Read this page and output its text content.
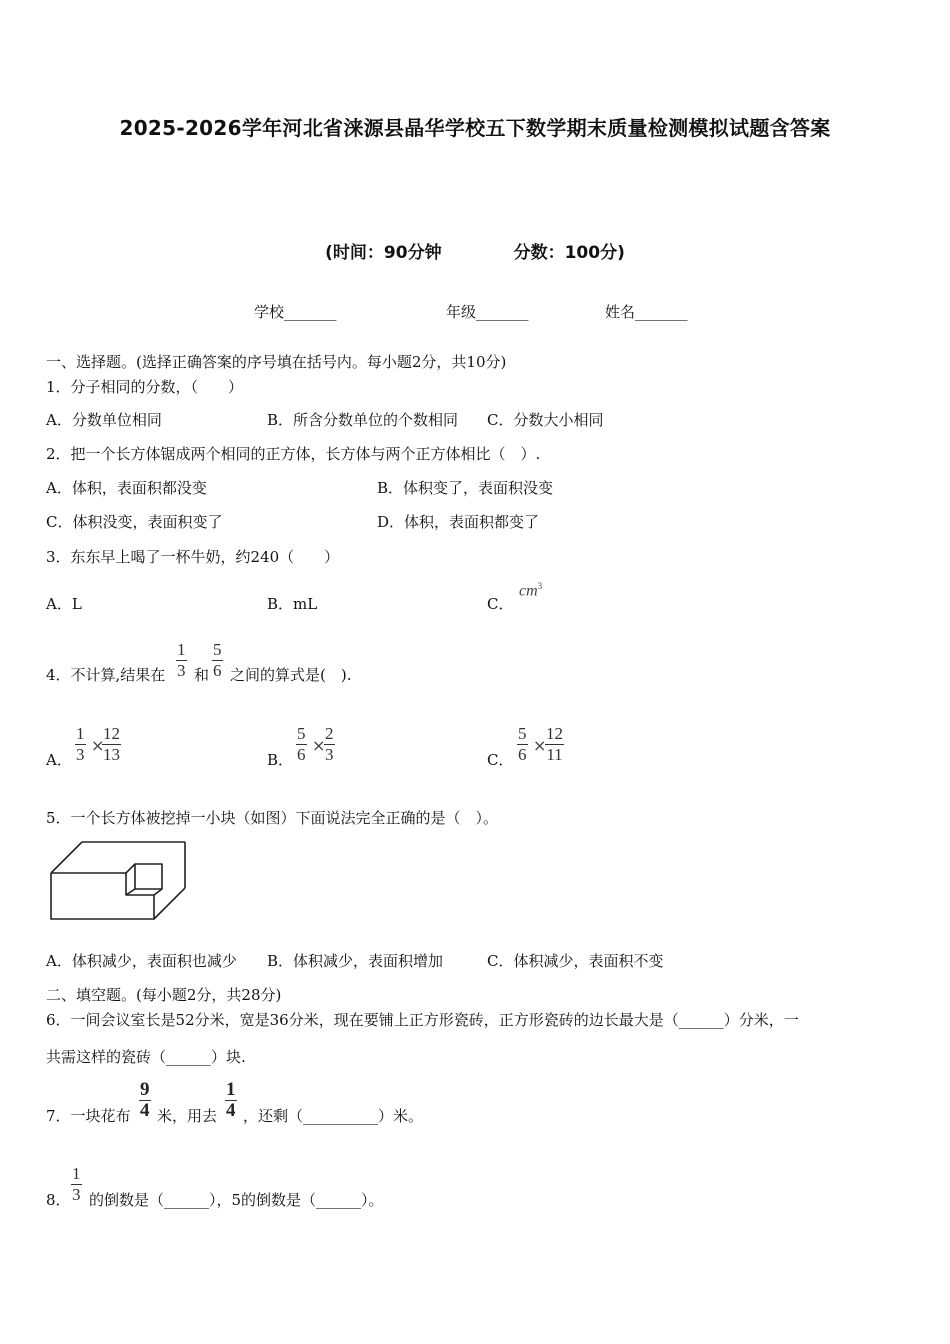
2025-2026学年河北省涞源县晶华学校五下数学期末质量检测模拟试题含答案
(时间：90分钟	分数：100分)
学校_______	年级_______	姓名_______
一、选择题。(选择正确答案的序号填在括号内。每小题2分，共10分)
1．分子相同的分数，（　　）
A．分数单位相同	B．所含分数单位的个数相同 C．分数大小相同
2．把一个长方体锯成两个相同的正方体，长方体与两个正方体相比（　）.
A．体积，表面积都没变	B．体积变了，表面积没变
C．体积没变，表面积变了	D．体积，表面积都变了
3．东东早上喝了一杯牛奶，约240（　　）
A．L	B．mL	C．
$cm^3$
4．不计算,结果在
1
3 和
5
6 之间的算式是(　).
A．
1
3 ×
12
13	B．
5
6 ×
2
3	C．
5
6 ×
12
11
5．一个长方体被挖掉一小块（如图）下面说法完全正确的是（　）。
A．体积减少，表面积也减少 B．体积减少，表面积增加	C．体积减少，表面积不变
二、填空题。(每小题2分，共28分)
6．一间会议室长是52分米，宽是36分米，现在要铺上正方形瓷砖，正方形瓷砖的边长最大是（______）分米，一
共需这样的瓷砖（______）块.
7．一块花布
9
4 米，用去
1
4 ，还剩（__________）米。
8．
1
3 的倒数是（______），5的倒数是（______）。
